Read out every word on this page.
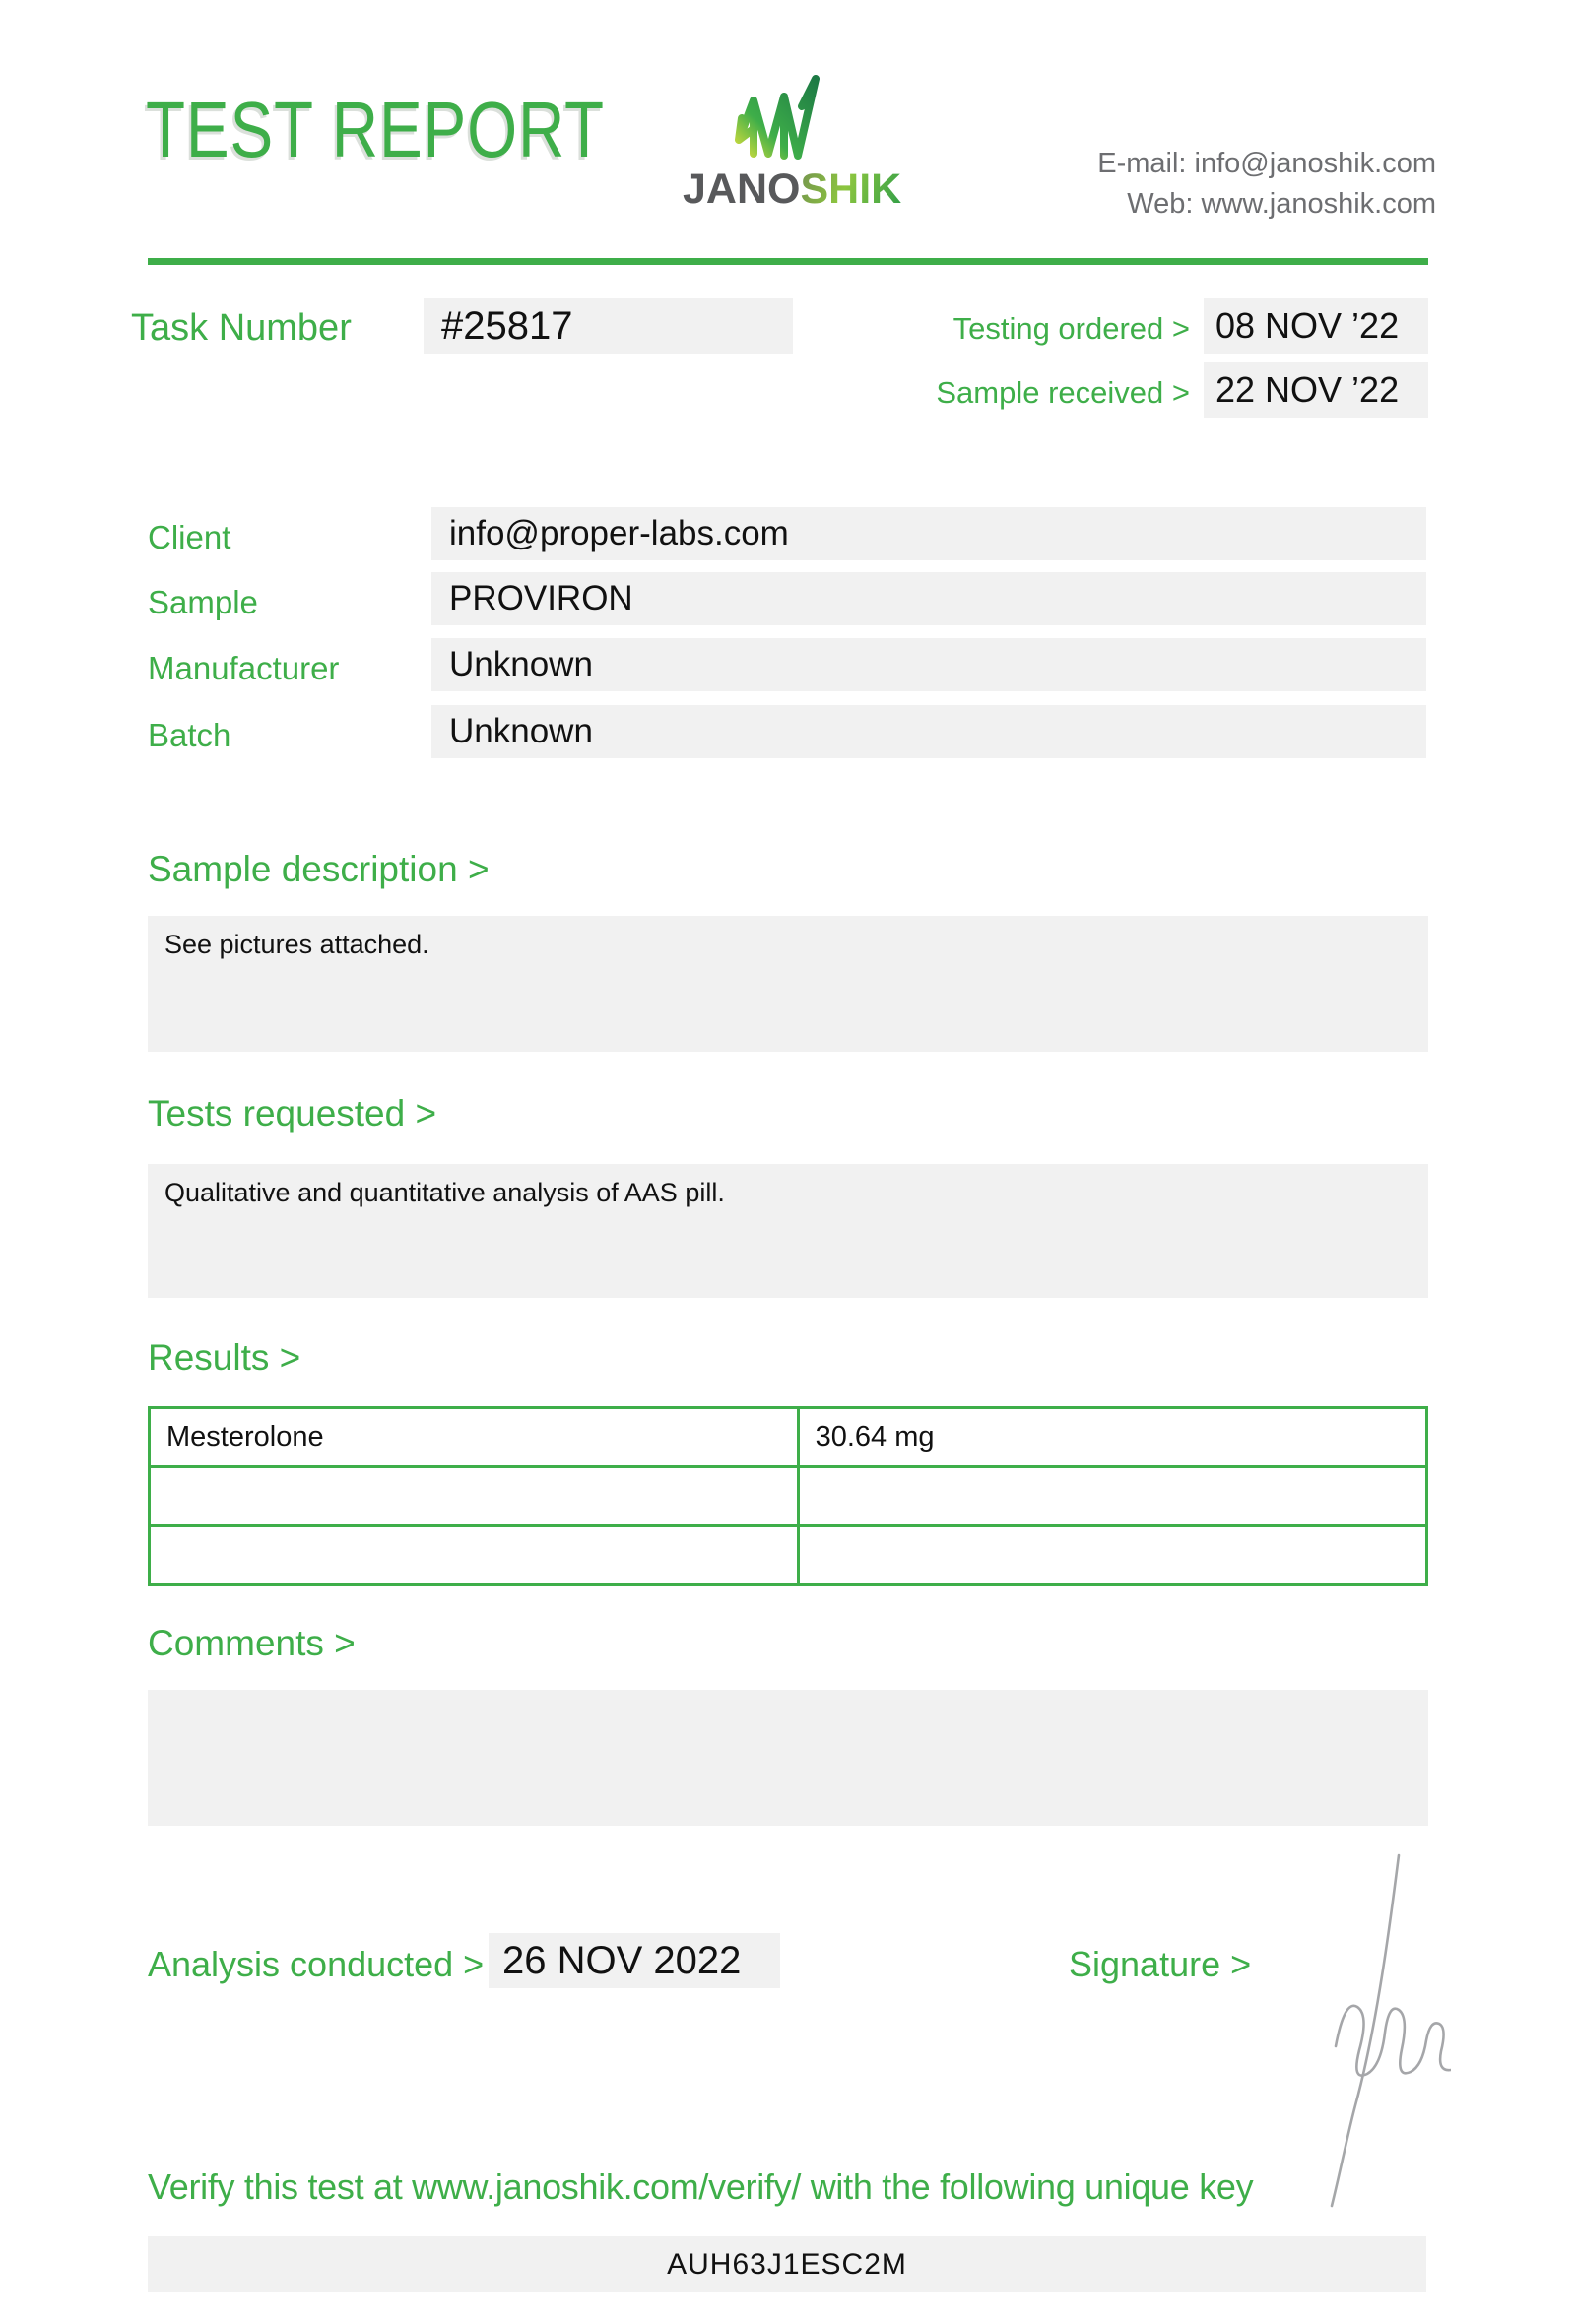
TEST REPORT
JANOSHIK
E-mail: info@janoshik.com
Web: www.janoshik.com
Task Number	#25817	Testing ordered > 08 NOV ’22
Sample received > 22 NOV ’22
Client	info@proper-labs.com
Sample	PROVIRON
Manufacturer	Unknown
Batch	Unknown
Sample description >
See pictures attached.
Tests requested >
Qualitative and quantitative analysis of AAS pill.
Results >
Mesterolone	30.64 mg

Comments >
Analysis conducted > 26 NOV 2022	Signature >
Verify this test at www.janoshik.com/verify/ with the following unique key
AUH63J1ESC2M
